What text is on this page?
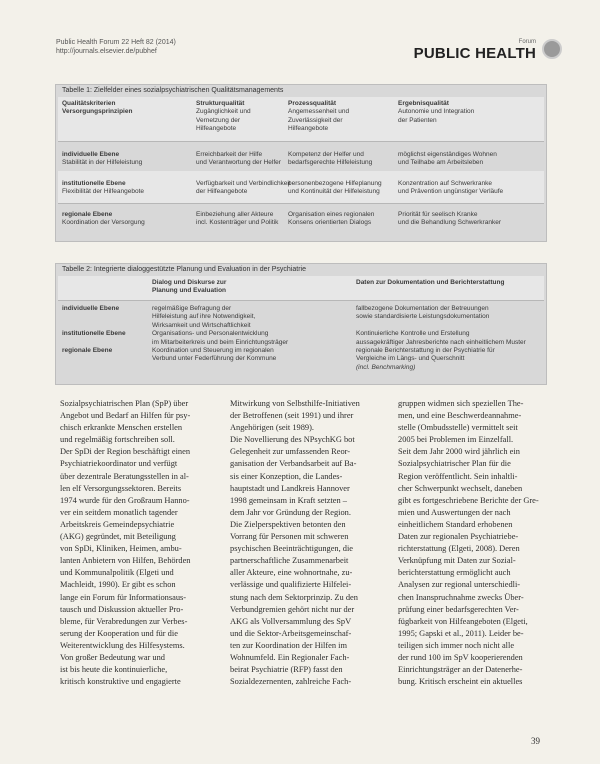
Public Health Forum 22 Heft 82 (2014)
http://journals.elsevier.de/pubhef
Forum
PUBLIC HEALTH
Tabelle 1: Zielfelder eines sozialpsychiatrischen Qualitätsmanagements
Qualitätskriterien
Versorgungsprinzipien
Strukturqualität
Zugänglichkeit und
Vernetzung der
Hilfeangebote
Prozessqualität
Angemessenheit und
Zuverlässigkeit der
Hilfeangebote
Ergebnisqualität
Autonomie und Integration
der Patienten
individuelle Ebene
Stabilität in der Hilfeleistung
Erreichbarkeit der Hilfe
und Verantwortung der Helfer
Kompetenz der Helfer und
bedarfsgerechte Hilfeleistung
möglichst eigenständiges Wohnen
und Teilhabe am Arbeitsleben
institutionelle Ebene
Flexibilität der Hilfeangebote
Verfügbarkeit und Verbindlichkeit
der Hilfeangebote
personenbezogene Hilfeplanung
und Kontinuität der Hilfeleistung
Konzentration auf Schwerkranke
und Prävention ungünstiger Verläufe
regionale Ebene
Koordination der Versorgung
Einbeziehung aller Akteure
incl. Kostenträger und Politik
Organisation eines regionalen
Konsens orientierten Dialogs
Priorität für seelisch Kranke
und die Behandlung Schwerkranker
Tabelle 2: Integrierte dialoggestützte Planung und Evaluation in der Psychiatrie
Dialog und Diskurse zur
Planung und Evaluation
Daten zur Dokumentation und Berichterstattung
individuelle Ebene
institutionelle Ebene
regionale Ebene
regelmäßige Befragung der
Hilfeleistung auf ihre Notwendigkeit,
Wirksamkeit und Wirtschaftlichkeit
Organisations- und Personalentwicklung
im Mitarbeiterkreis und beim Einrichtungsträger
Koordination und Steuerung im regionalen
Verbund unter Federführung der Kommune
fallbezogene Dokumentation der Betreuungen
sowie standardisierte Leistungsdokumentation
Kontinuierliche Kontrolle und Erstellung
aussagekräftiger Jahresberichte nach einheitlichem Muster
regionale Berichterstattung in der Psychiatrie für
Vergleiche im Längs- und Querschnitt
(incl. Benchmarking)
Sozialpsychiatrischen Plan (SpP) über
Angebot und Bedarf an Hilfen für psy-
chisch erkrankte Menschen erstellen
und regelmäßig fortschreiben soll.
Der SpDi der Region beschäftigt einen
Psychiatriekoordinator und verfügt
über dezentrale Beratungsstellen in al-
len elf Versorgungssektoren. Bereits
1974 wurde für den Großraum Hanno-
ver ein seitdem monatlich tagender
Arbeitskreis Gemeindepsychiatrie
(AKG) gegründet, mit Beteiligung
von SpDi, Kliniken, Heimen, ambu-
lanten Anbietern von Hilfen, Behörden
und Kommunalpolitik (Elgeti und
Machleidt, 1990). Er gibt es schon
lange ein Forum für Informationsaus-
tausch und Diskussion aktueller Pro-
bleme, für Verabredungen zur Verbes-
serung der Kooperation und für die
Weiterentwicklung des Hilfesystems.
Von großer Bedeutung war und
ist bis heute die kontinuierliche,
kritisch konstruktive und engagierte
Mitwirkung von Selbsthilfe-Initiativen
der Betroffenen (seit 1991) und ihrer
Angehörigen (seit 1989).
Die Novellierung des NPsychKG bot
Gelegenheit zur umfassenden Reor-
ganisation der Verbandsarbeit auf Ba-
sis einer Konzeption, die Landes-
hauptstadt und Landkreis Hannover
1998 gemeinsam in Kraft setzten –
dem Jahr vor Gründung der Region.
Die Zielperspektiven betonten den
Vorrang für Personen mit schweren
psychischen Beeinträchtigungen, die
partnerschaftliche Zusammenarbeit
aller Akteure, eine wohnortnahe, zu-
verlässige und qualifizierte Hilfelei-
stung nach dem Sektorprinzip. Zu den
Verbundgremien gehört nicht nur der
AKG als Vollversammlung des SpV
und die Sektor-Arbeitsgemeinschaf-
ten zur Koordination der Hilfen im
Wohnumfeld. Ein Regionaler Fach-
beirat Psychiatrie (RFP) fasst den
Sozialdezernenten, zahlreiche Fach-
gruppen widmen sich speziellen The-
men, und eine Beschwerdeannahme-
stelle (Ombudsstelle) vermittelt seit
2005 bei Problemen im Einzelfall.
Seit dem Jahr 2000 wird jährlich ein
Sozialpsychiatrischer Plan für die
Region veröffentlicht. Sein inhaltli-
cher Schwerpunkt wechselt, daneben
gibt es fortgeschriebene Berichte der Gre-
mien und Auswertungen der nach
einheitlichem Standard erhobenen
Daten zur regionalen Psychiatriebe-
richterstattung (Elgeti, 2008). Deren
Verknüpfung mit Daten zur Sozial-
berichterstattung ermöglicht auch
Analysen zur regional unterschiedli-
chen Inanspruchnahme zwecks Über-
prüfung einer bedarfsgerechten Ver-
fügbarkeit von Hilfeangeboten (Elgeti,
1995; Gapski et al., 2011). Leider be-
teiligen sich immer noch nicht alle
der rund 100 im SpV kooperierenden
Einrichtungsträger an der Datenerhe-
bung. Kritisch erscheint ein aktuelles
39
